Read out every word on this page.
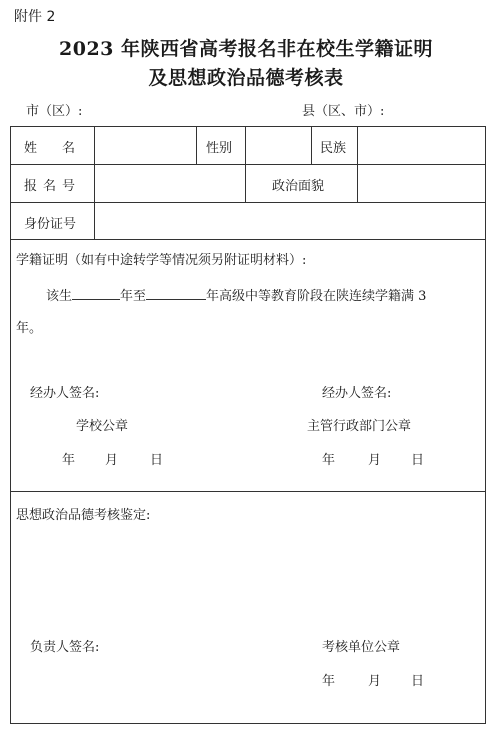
附件 2
2023 年陕西省高考报名非在校生学籍证明
及思想政治品德考核表
市（区）:	县（区、市）:
姓　名	性别	民族
报名号	政治面貌
身份证号
学籍证明（如有中途转学等情况须另附证明材料）:
该生	年至	年高级中等教育阶段在陕连续学籍满 3
年。
经办人签名:	经办人签名:
学校公章	主管行政部门公章
年 月 日	年	月 日
思想政治品德考核鉴定:
负责人签名:	考核单位公章
年	月 日
